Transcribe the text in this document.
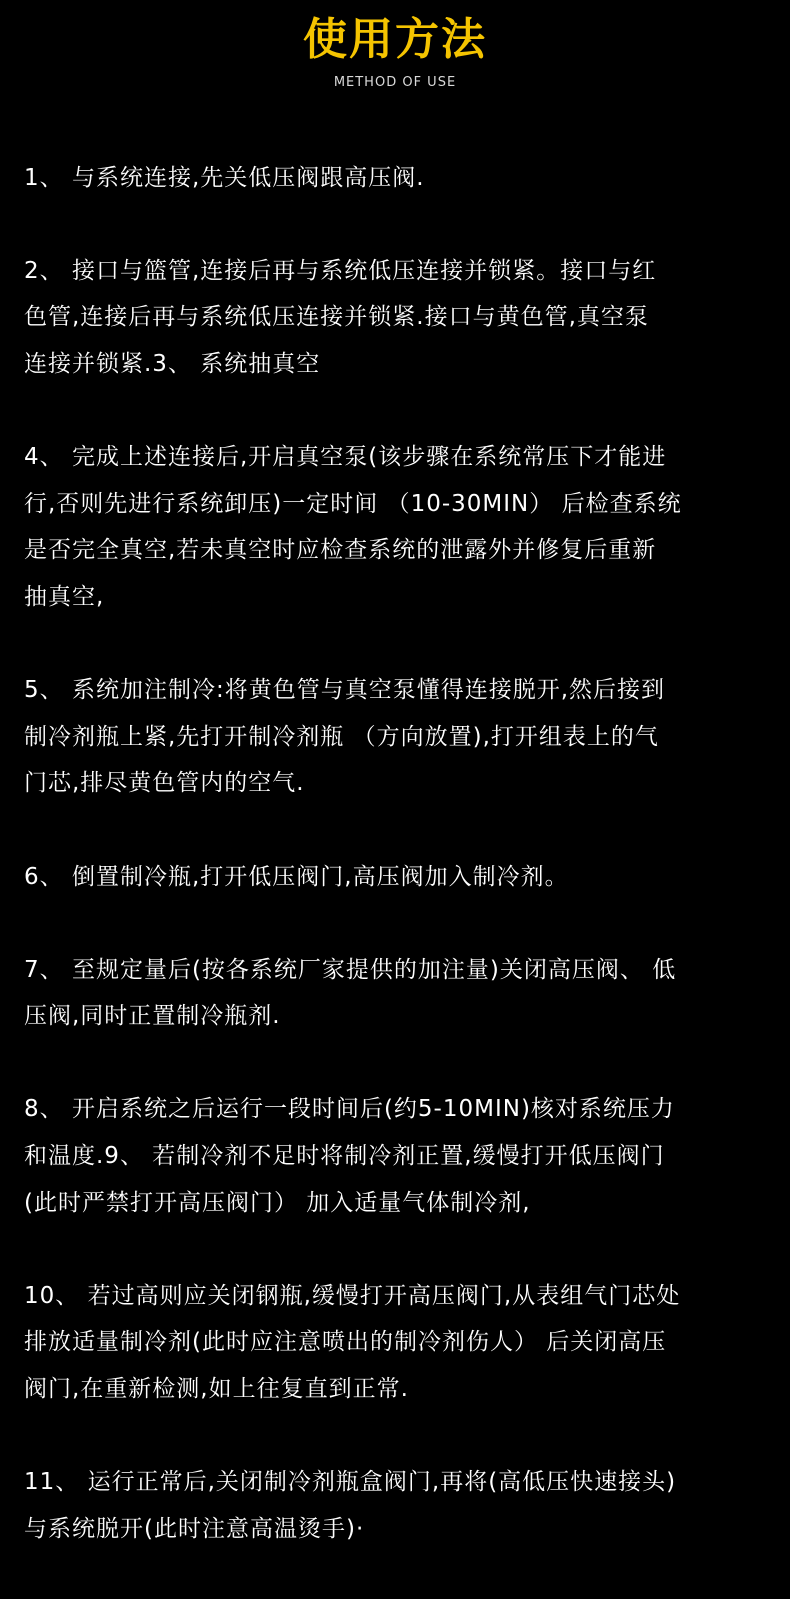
使用方法
METHOD OF USE

1、 与系统连接,先关低压阀跟高压阀.

2、 接口与篮管,连接后再与系统低压连接并锁紧。接口与红
色管,连接后再与系统低压连接并锁紧.接口与黄色管,真空泵
连接并锁紧.3、 系统抽真空

4、 完成上述连接后,开启真空泵(该步骤在系统常压下才能进
行,否则先进行系统卸压)一定时间 （10-30MIN） 后检查系统
是否完全真空,若未真空时应检查系统的泄露外并修复后重新
抽真空,

5、 系统加注制冷:将黄色管与真空泵懂得连接脱开,然后接到
制冷剂瓶上紧,先打开制冷剂瓶 （方向放置),打开组表上的气
门芯,排尽黄色管内的空气.

6、 倒置制冷瓶,打开低压阀门,高压阀加入制冷剂。

7、 至规定量后(按各系统厂家提供的加注量)关闭高压阀、 低
压阀,同时正置制冷瓶剂.

8、 开启系统之后运行一段时间后(约5-10MIN)核对系统压力
和温度.9、 若制冷剂不足时将制冷剂正置,缓慢打开低压阀门
(此时严禁打开高压阀门） 加入适量气体制冷剂,

10、 若过高则应关闭钢瓶,缓慢打开高压阀门,从表组气门芯处
排放适量制冷剂(此时应注意喷出的制冷剂伤人） 后关闭高压
阀门,在重新检测,如上往复直到正常.

11、 运行正常后,关闭制冷剂瓶盒阀门,再将(高低压快速接头)
与系统脱开(此时注意高温烫手)·
